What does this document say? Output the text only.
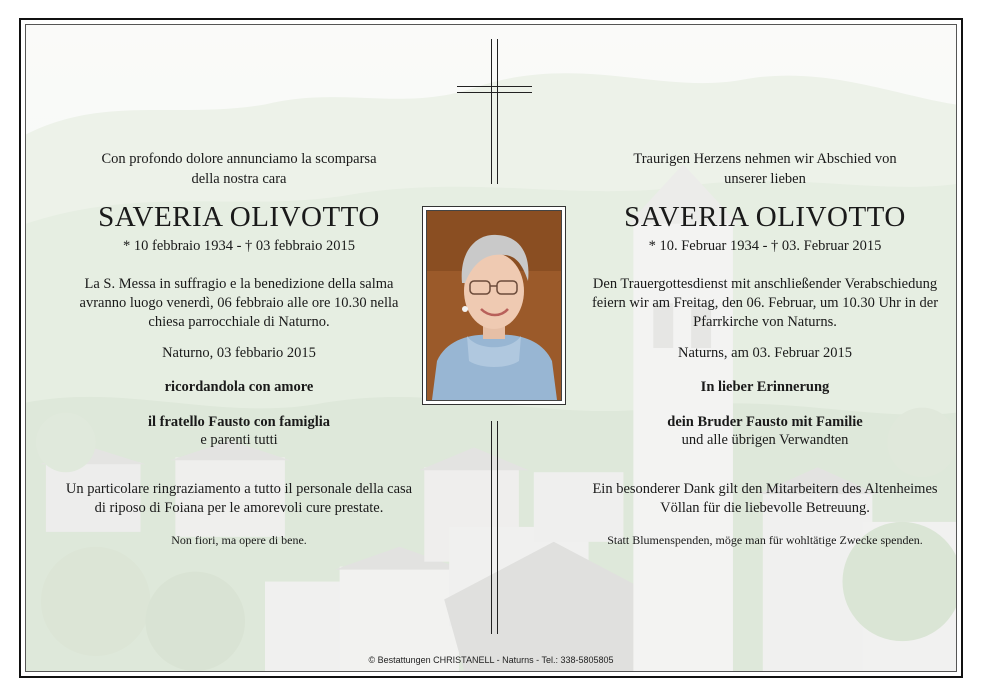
Con profondo dolore annunciamo la scomparsa
della nostra cara
SAVERIA OLIVOTTO
* 10 febbraio 1934 - † 03 febbraio 2015
La S. Messa in suffragio e la benedizione della salma
avranno luogo venerdì, 06 febbraio alle ore 10.30 nella
chiesa parrocchiale di Naturno.
Naturno, 03 febbario 2015
ricordandola con amore
il fratello Fausto con famiglia
e parenti tutti
Un particolare ringraziamento a tutto il personale della casa
di riposo di Foiana per le amorevoli cure prestate.
Non fiori, ma opere di bene.
Traurigen Herzens nehmen wir Abschied von
unserer lieben
SAVERIA OLIVOTTO
* 10. Februar 1934 - † 03. Februar 2015
Den Trauergottesdienst mit anschließender Verabschiedung
feiern wir am Freitag, den 06. Februar, um 10.30 Uhr in der
Pfarrkirche von Naturns.
Naturns, am 03. Februar 2015
In lieber Erinnerung
dein Bruder Fausto mit Familie
und alle übrigen Verwandten
Ein besonderer Dank gilt den Mitarbeitern des Altenheimes
Völlan für die liebevolle Betreuung.
Statt Blumenspenden, möge man für wohltätige Zwecke spenden.
© Bestattungen CHRISTANELL - Naturns - Tel.: 338-5805805
